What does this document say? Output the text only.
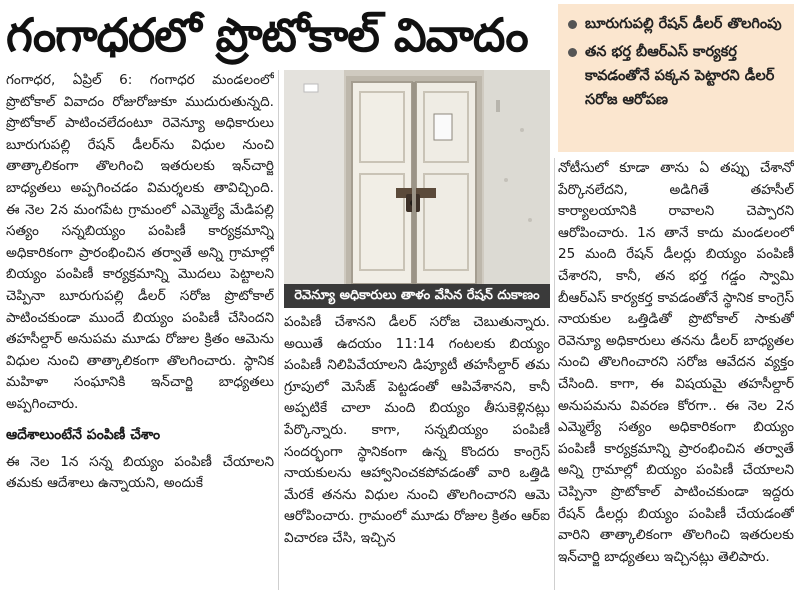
గంగాధరలో ప్రొటోకాల్‌ వివాదం	బూరుగుపల్లి రేషన్‌ డీలర్‌ తొలగింపు
తన భర్త బీఆర్‌ఎస్‌ కార్యకర్త కావడంతోనే పక్కన పెట్టారని డీలర్‌ సరోజ ఆరోపణ

గంగాధర, ఏప్రిల్‌ 6: గంగాధర మండలంలో ప్రొటోకాల్‌ వివాదం రోజురోజుకూ ముదురుతున్నది. ప్రొటోకాల్‌ పాటించలేదంటూ రెవెన్యూ అధికారులు బూరుగుపల్లి రేషన్‌ డీలర్‌ను విధుల నుంచి తాత్కాలికంగా తొలగించి ఇతరులకు ఇన్‌చార్జి బాధ్యతలు అప్పగించడం విమర్శలకు తావిచ్చింది. ఈ నెల 2న మంగపేట గ్రామంలో ఎమ్మెల్యే మేడిపల్లి సత్యం సన్నబియ్యం పంపిణీ కార్యక్రమాన్ని అధికారికంగా ప్రారంభించిన తర్వాతే అన్ని గ్రామాల్లో బియ్యం పంపిణీ కార్యక్రమాన్ని మొదలు పెట్టాలని చెప్పినా బూరుగుపల్లి డీలర్‌ సరోజ ప్రొటోకాల్‌ పాటించకుండా ముందే బియ్యం పంపిణీ చేసిందని తహసీల్దార్‌ అనుపమ మూడు రోజుల క్రితం ఆమెను విధుల నుంచి తాత్కాలికంగా తొలగించారు. స్థానిక మహిళా సంఘానికి ఇన్‌చార్జి బాధ్యతలు అప్పగించారు.

ఆదేశాలుంటేనే పంపిణీ చేశాం

ఈ నెల 1న సన్న బియ్యం పంపిణీ చేయాలని తమకు ఆదేశాలు ఉన్నాయని, అందుకే

రెవెన్యూ అధికారులు తాళం వేసిన రేషన్‌ దుకాణం

పంపిణీ చేశానని డీలర్‌ సరోజ చెబుతున్నారు. అయితే ఉదయం 11:14 గంటలకు బియ్యం పంపిణీ నిలిపివేయాలని డిప్యూటీ తహసీల్దార్‌ తమ గ్రూపులో మెసేజ్‌ పెట్టడంతో ఆపివేశానని, కానీ అప్పటికే చాలా మంది బియ్యం తీసుకెళ్లినట్లు పేర్కొన్నారు. కాగా, సన్నబియ్యం పంపిణీ సందర్భంగా స్థానికంగా ఉన్న కొందరు కాంగ్రెస్‌ నాయకులను ఆహ్వానించకపోవడంతో వారి ఒత్తిడి మేరకే తనను విధుల నుంచి తొలగించారని ఆమె ఆరోపించారు. గ్రామంలో మూడు రోజుల క్రితం ఆర్‌ఐ విచారణ చేసి, ఇచ్చిన

నోటీసులో కూడా తాను ఏ తప్పు చేశానో పేర్కొనలేదని, అడిగితే తహసీల్‌ కార్యాలయానికి రావాలని చెప్పారని ఆరోపించారు. 1న తానే కాదు మండలంలో 25 మంది రేషన్‌ డీలర్లు బియ్యం పంపిణీ చేశారని, కానీ, తన భర్త గడ్డం స్వామి బీఆర్‌ఎస్‌ కార్యకర్త కావడంతోనే స్థానిక కాంగ్రెస్‌ నాయకుల ఒత్తిడితో ప్రొటోకాల్‌ సాకుతో రెవెన్యూ అధికారులు తనను డీలర్‌ బాధ్యతల నుంచి తొలగించారని సరోజ ఆవేదన వ్యక్తం చేసింది. కాగా, ఈ విషయమై తహసీల్దార్‌ అనుపమను వివరణ కోరగా.. ఈ నెల 2న ఎమ్మెల్యే సత్యం అధికారికంగా బియ్యం పంపిణీ కార్యక్రమాన్ని ప్రారంభించిన తర్వాతే అన్ని గ్రామాల్లో బియ్యం పంపిణీ చేయాలని చెప్పినా ప్రొటోకాల్‌ పాటించకుండా ఇద్దరు రేషన్‌ డీలర్లు బియ్యం పంపిణీ చేయడంతో వారిని తాత్కాలికంగా తొలగించి ఇతరులకు ఇన్‌చార్జి బాధ్యతలు ఇచ్చినట్లు తెలిపారు.
